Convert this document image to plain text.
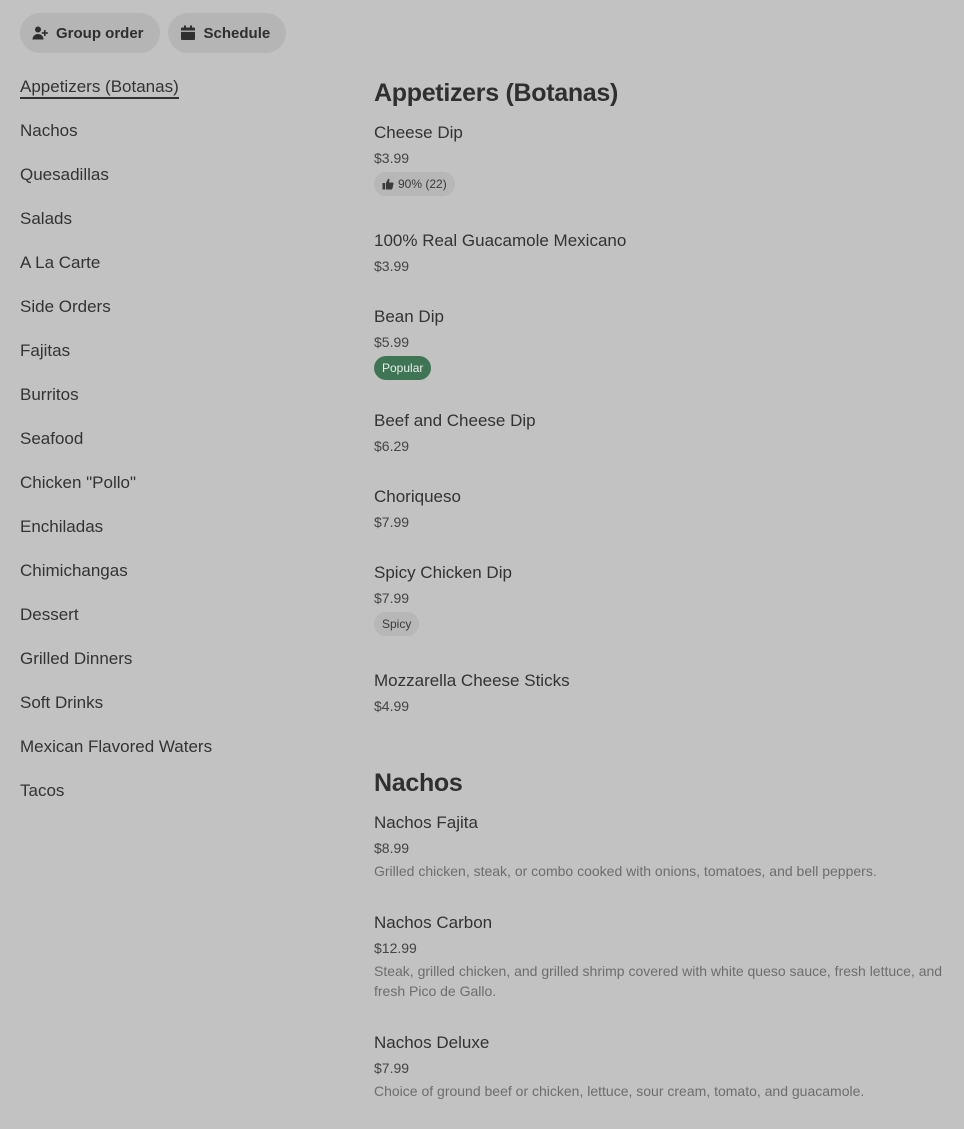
Group order	Schedule
Appetizers (Botanas)
Nachos
Quesadillas
Salads
A La Carte
Side Orders
Fajitas
Burritos
Seafood
Chicken "Pollo"
Enchiladas
Chimichangas
Dessert
Grilled Dinners
Soft Drinks
Mexican Flavored Waters
Tacos
Appetizers (Botanas)
Cheese Dip
$3.99
90% (22)
100% Real Guacamole Mexicano
$3.99
Bean Dip
$5.99
Popular
Beef and Cheese Dip
$6.29
Choriqueso
$7.99
Spicy Chicken Dip
$7.99
Spicy
Mozzarella Cheese Sticks
$4.99
Nachos
Nachos Fajita
$8.99
Grilled chicken, steak, or combo cooked with onions, tomatoes, and bell peppers.
Nachos Carbon
$12.99
Steak, grilled chicken, and grilled shrimp covered with white queso sauce, fresh lettuce, and fresh Pico de Gallo.
Nachos Deluxe
$7.99
Choice of ground beef or chicken, lettuce, sour cream, tomato, and guacamole.
